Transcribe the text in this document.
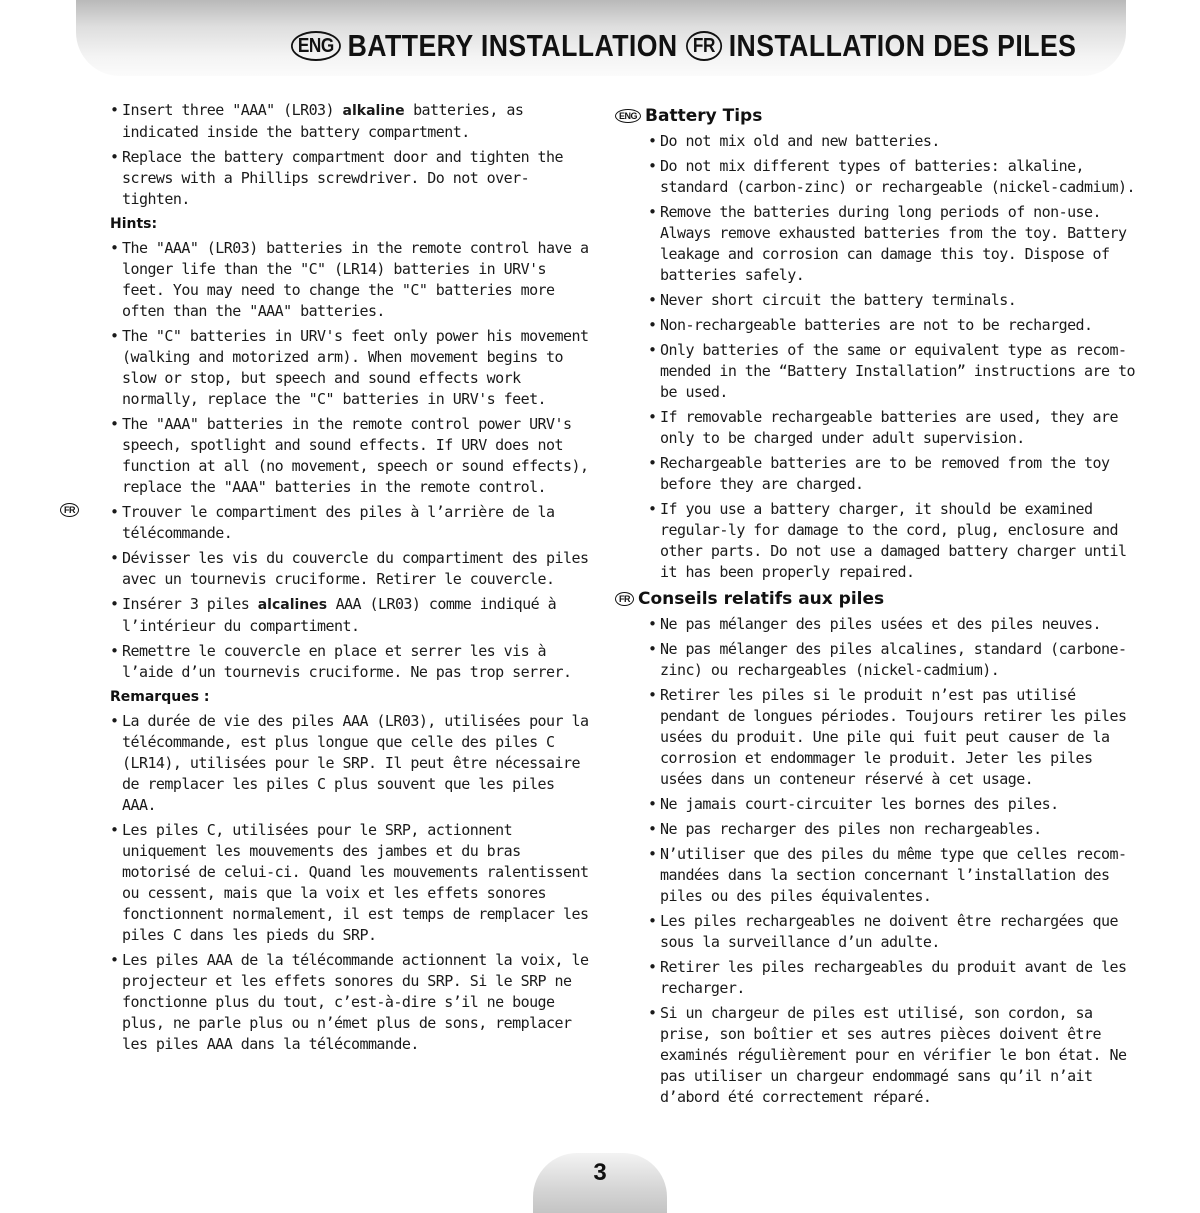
ENG BATTERY INSTALLATION FR INSTALLATION DES PILES
• Insert three "AAA" (LR03) alkaline batteries, as indicated inside the battery compartment.
• Replace the battery compartment door and tighten the screws with a Phillips screwdriver. Do not over-tighten.
Hints:
• The "AAA" (LR03) batteries in the remote control have a longer life than the "C" (LR14) batteries in URV's feet. You may need to change the "C" batteries more often than the "AAA" batteries.
• The "C" batteries in URV's feet only power his movement (walking and motorized arm). When movement begins to slow or stop, but speech and sound effects work normally, replace the "C" batteries in URV's feet.
• The "AAA" batteries in the remote control power URV's speech, spotlight and sound effects. If URV does not function at all (no movement, speech or sound effects), replace the "AAA" batteries in the remote control.
FR
•	Trouver le compartiment des piles à l’arrière de la télécommande.
• Dévisser les vis du couvercle du compartiment des piles avec un tournevis cruciforme. Retirer le couvercle.
• Insérer 3 piles alcalines AAA (LR03) comme indiqué à l’intérieur du compartiment.
• Remettre le couvercle en place et serrer les vis à l’aide d’un tournevis cruciforme. Ne pas trop serrer.
Remarques :
• La durée de vie des piles AAA (LR03), utilisées pour la télécommande, est plus longue que celle des piles C (LR14), utilisées pour le SRP. Il peut être nécessaire de remplacer les piles C plus souvent que les piles AAA.
• Les piles C, utilisées pour le SRP, actionnent uniquement les mouvements des jambes et du bras motorisé de celui-ci. Quand les mouvements ralentissent ou cessent, mais que la voix et les effets sonores fonctionnent normalement, il est temps de remplacer les piles C dans les pieds du SRP.
• Les piles AAA de la télécommande actionnent la voix, le projecteur et les effets sonores du SRP. Si le SRP ne fonctionne plus du tout, c’est-à-dire s’il ne bouge plus, ne parle plus ou n’émet plus de sons, remplacer les piles AAA dans la télécommande.
ENG Battery Tips
• Do not mix old and new batteries.
• Do not mix different types of batteries: alkaline, standard (carbon-zinc) or rechargeable (nickel-cadmium).
• Remove the batteries during long periods of non-use. Always remove exhausted batteries from the toy. Battery leakage and corrosion can damage this toy. Dispose of batteries safely.
• Never short circuit the battery terminals.
• Non-rechargeable batteries are not to be recharged.
• Only batteries of the same or equivalent type as recom-mended in the “Battery Installation” instructions are to be used.
• If removable rechargeable batteries are used, they are only to be charged under adult supervision.
• Rechargeable batteries are to be removed from the toy before they are charged.
• If you use a battery charger, it should be examined regular-ly for damage to the cord, plug, enclosure and other parts. Do not use a damaged battery charger until it has been properly repaired.
FR Conseils relatifs aux piles
• Ne pas mélanger des piles usées et des piles neuves.
• Ne pas mélanger des piles alcalines, standard (carbone-zinc) ou rechargeables (nickel-cadmium).
• Retirer les piles si le produit n’est pas utilisé pendant de longues périodes. Toujours retirer les piles usées du produit. Une pile qui fuit peut causer de la corrosion et endommager le produit. Jeter les piles usées dans un conteneur réservé à cet usage.
• Ne jamais court-circuiter les bornes des piles.
• Ne pas recharger des piles non rechargeables.
• N’utiliser que des piles du même type que celles recom-mandées dans la section concernant l’installation des piles ou des piles équivalentes.
• Les piles rechargeables ne doivent être rechargées que sous la surveillance d’un adulte.
• Retirer les piles rechargeables du produit avant de les recharger.
• Si un chargeur de piles est utilisé, son cordon, sa prise, son boîtier et ses autres pièces doivent être examinés régulièrement pour en vérifier le bon état. Ne pas utiliser un chargeur endommagé sans qu’il n’ait d’abord été correctement réparé.
3
